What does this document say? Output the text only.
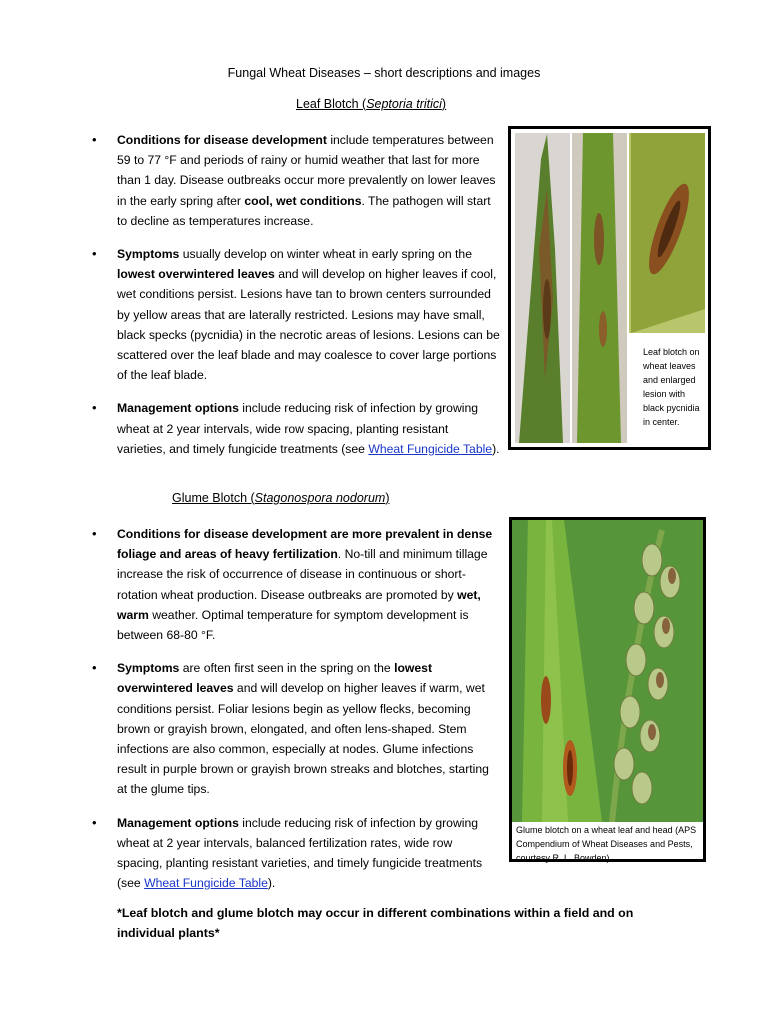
Fungal Wheat Diseases – short descriptions and images
Leaf Blotch (Septoria tritici)
• Conditions for disease development include temperatures between 59 to 77 °F and periods of rainy or humid weather that last for more than 1 day. Disease outbreaks occur more prevalently on lower leaves in the early spring after cool, wet conditions. The pathogen will start to decline as temperatures increase.
• Symptoms usually develop on winter wheat in early spring on the lowest overwintered leaves and will develop on higher leaves if cool, wet conditions persist. Lesions have tan to brown centers surrounded by yellow areas that are laterally restricted. Lesions may have small, black specks (pycnidia) in the necrotic areas of lesions. Lesions can be scattered over the leaf blade and may coalesce to cover large portions of the leaf blade.
• Management options include reducing risk of infection by growing wheat at 2 year intervals, wide row spacing, planting resistant varieties, and timely fungicide treatments (see Wheat Fungicide Table).
Leaf blotch on wheat leaves and enlarged lesion with black pycnidia in center.
Glume Blotch (Stagonospora nodorum)
• Conditions for disease development are more prevalent in dense foliage and areas of heavy fertilization. No-till and minimum tillage increase the risk of occurrence of disease in continuous or short-rotation wheat production. Disease outbreaks are promoted by wet, warm weather. Optimal temperature for symptom development is between 68-80 °F.
• Symptoms are often first seen in the spring on the lowest overwintered leaves and will develop on higher leaves if warm, wet conditions persist. Foliar lesions begin as yellow flecks, becoming brown or grayish brown, elongated, and often lens-shaped. Stem infections are also common, especially at nodes. Glume infections result in purple brown or grayish brown streaks and blotches, starting at the glume tips.
• Management options include reducing risk of infection by growing wheat at 2 year intervals, balanced fertilization rates, wide row spacing, planting resistant varieties, and timely fungicide treatments (see Wheat Fungicide Table).
Glume blotch on a wheat leaf and head (APS Compendium of Wheat Diseases and Pests, courtesy R. L. Bowden)
*Leaf blotch and glume blotch may occur in different combinations within a field and on individual plants*
